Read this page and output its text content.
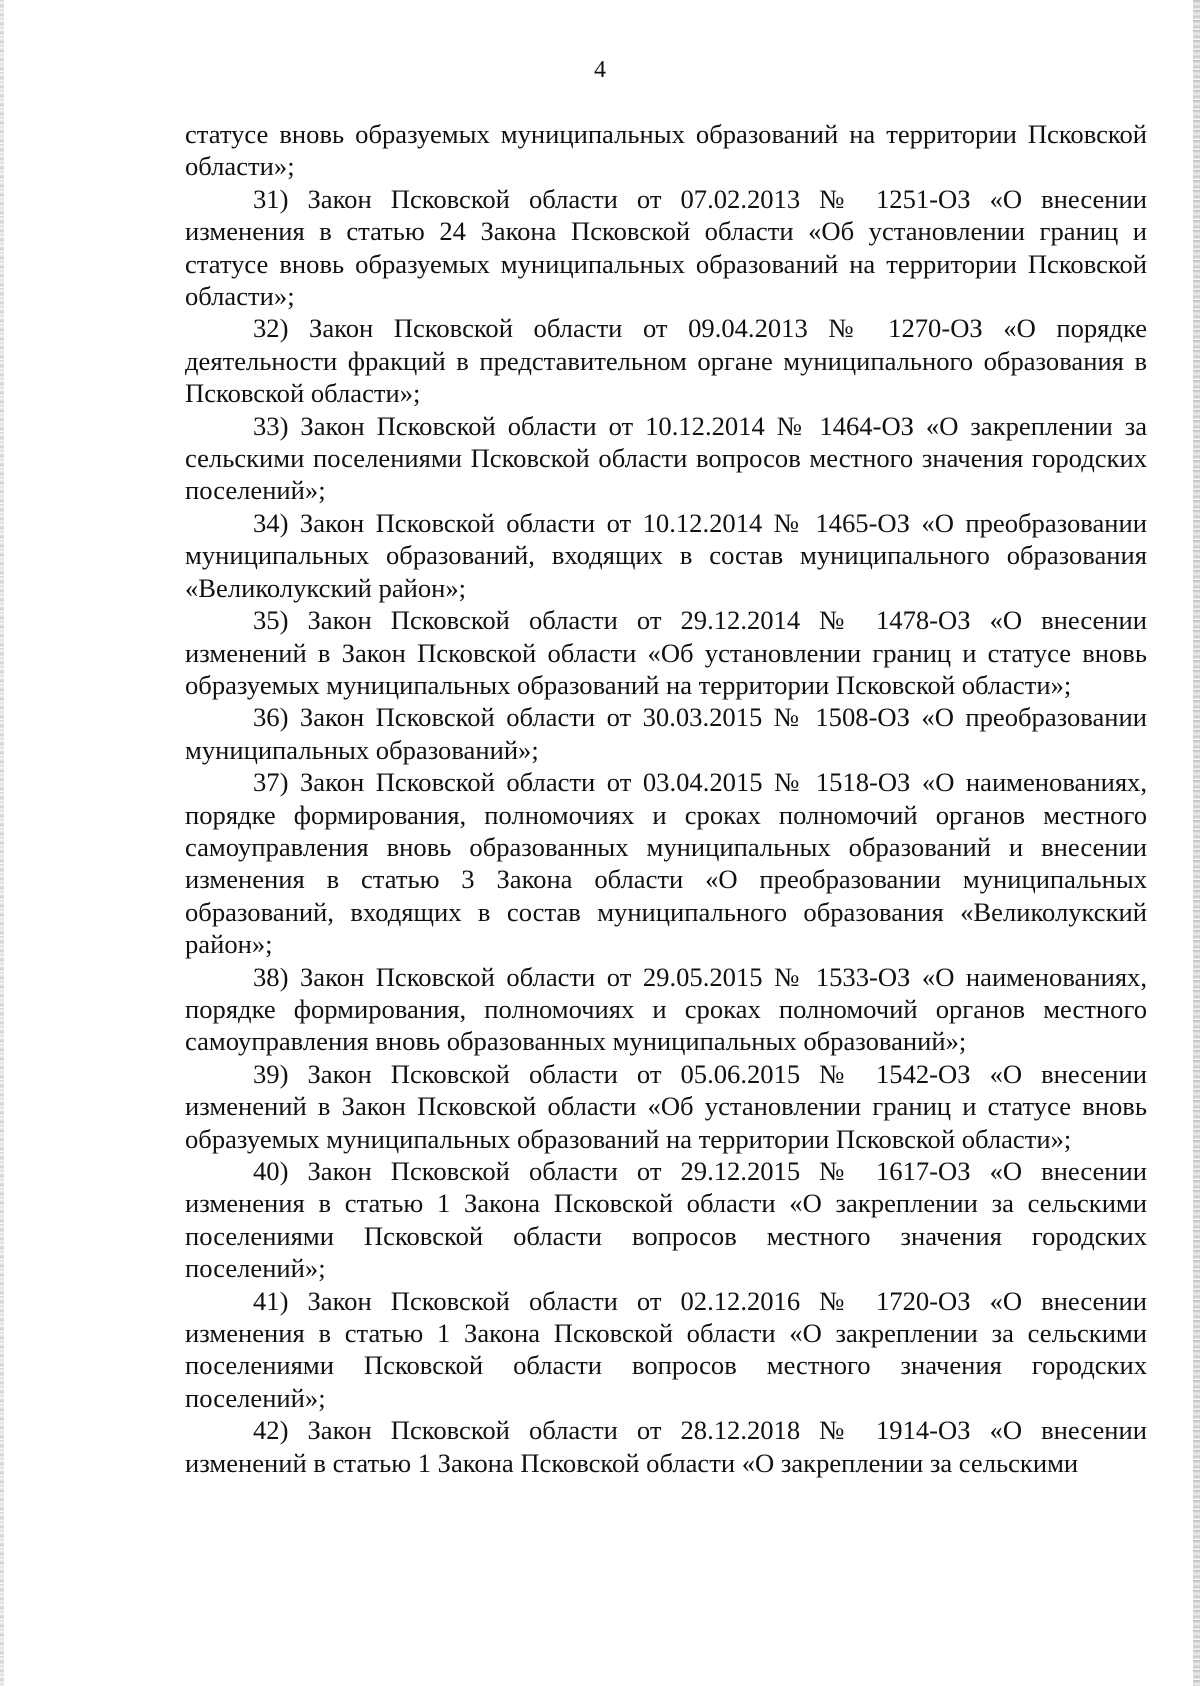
4

статусе вновь образуемых муниципальных образований на территории Псковской области»;

31) Закон Псковской области от 07.02.2013 № 1251-ОЗ «О внесении изменения в статью 24 Закона Псковской области «Об установлении границ и статусе вновь образуемых муниципальных образований на территории Псковской области»;

32) Закон Псковской области от 09.04.2013 № 1270-ОЗ «О порядке деятельности фракций в представительном органе муниципального образования в Псковской области»;

33) Закон Псковской области от 10.12.2014 № 1464-ОЗ «О закреплении за сельскими поселениями Псковской области вопросов местного значения городских поселений»;

34) Закон Псковской области от 10.12.2014 № 1465-ОЗ «О преобразовании муниципальных образований, входящих в состав муниципального образования «Великолукский район»;

35) Закон Псковской области от 29.12.2014 № 1478-ОЗ «О внесении изменений в Закон Псковской области «Об установлении границ и статусе вновь образуемых муниципальных образований на территории Псковской области»;

36) Закон Псковской области от 30.03.2015 № 1508-ОЗ «О преобразовании муниципальных образований»;

37) Закон Псковской области от 03.04.2015 № 1518-ОЗ «О наименованиях, порядке формирования, полномочиях и сроках полномочий органов местного самоуправления вновь образованных муниципальных образований и внесении изменения в статью 3 Закона области «О преобразовании муниципальных образований, входящих в состав муниципального образования «Великолукский район»;

38) Закон Псковской области от 29.05.2015 № 1533-ОЗ «О наименованиях, порядке формирования, полномочиях и сроках полномочий органов местного самоуправления вновь образованных муниципальных образований»;

39) Закон Псковской области от 05.06.2015 № 1542-ОЗ «О внесении изменений в Закон Псковской области «Об установлении границ и статусе вновь образуемых муниципальных образований на территории Псковской области»;

40) Закон Псковской области от 29.12.2015 № 1617-ОЗ «О внесении изменения в статью 1 Закона Псковской области «О закреплении за сельскими поселениями Псковской области вопросов местного значения городских поселений»;

41) Закон Псковской области от 02.12.2016 № 1720-ОЗ «О внесении изменения в статью 1 Закона Псковской области «О закреплении за сельскими поселениями Псковской области вопросов местного значения городских поселений»;

42) Закон Псковской области от 28.12.2018 № 1914-ОЗ «О внесении изменений в статью 1 Закона Псковской области «О закреплении за сельскими
